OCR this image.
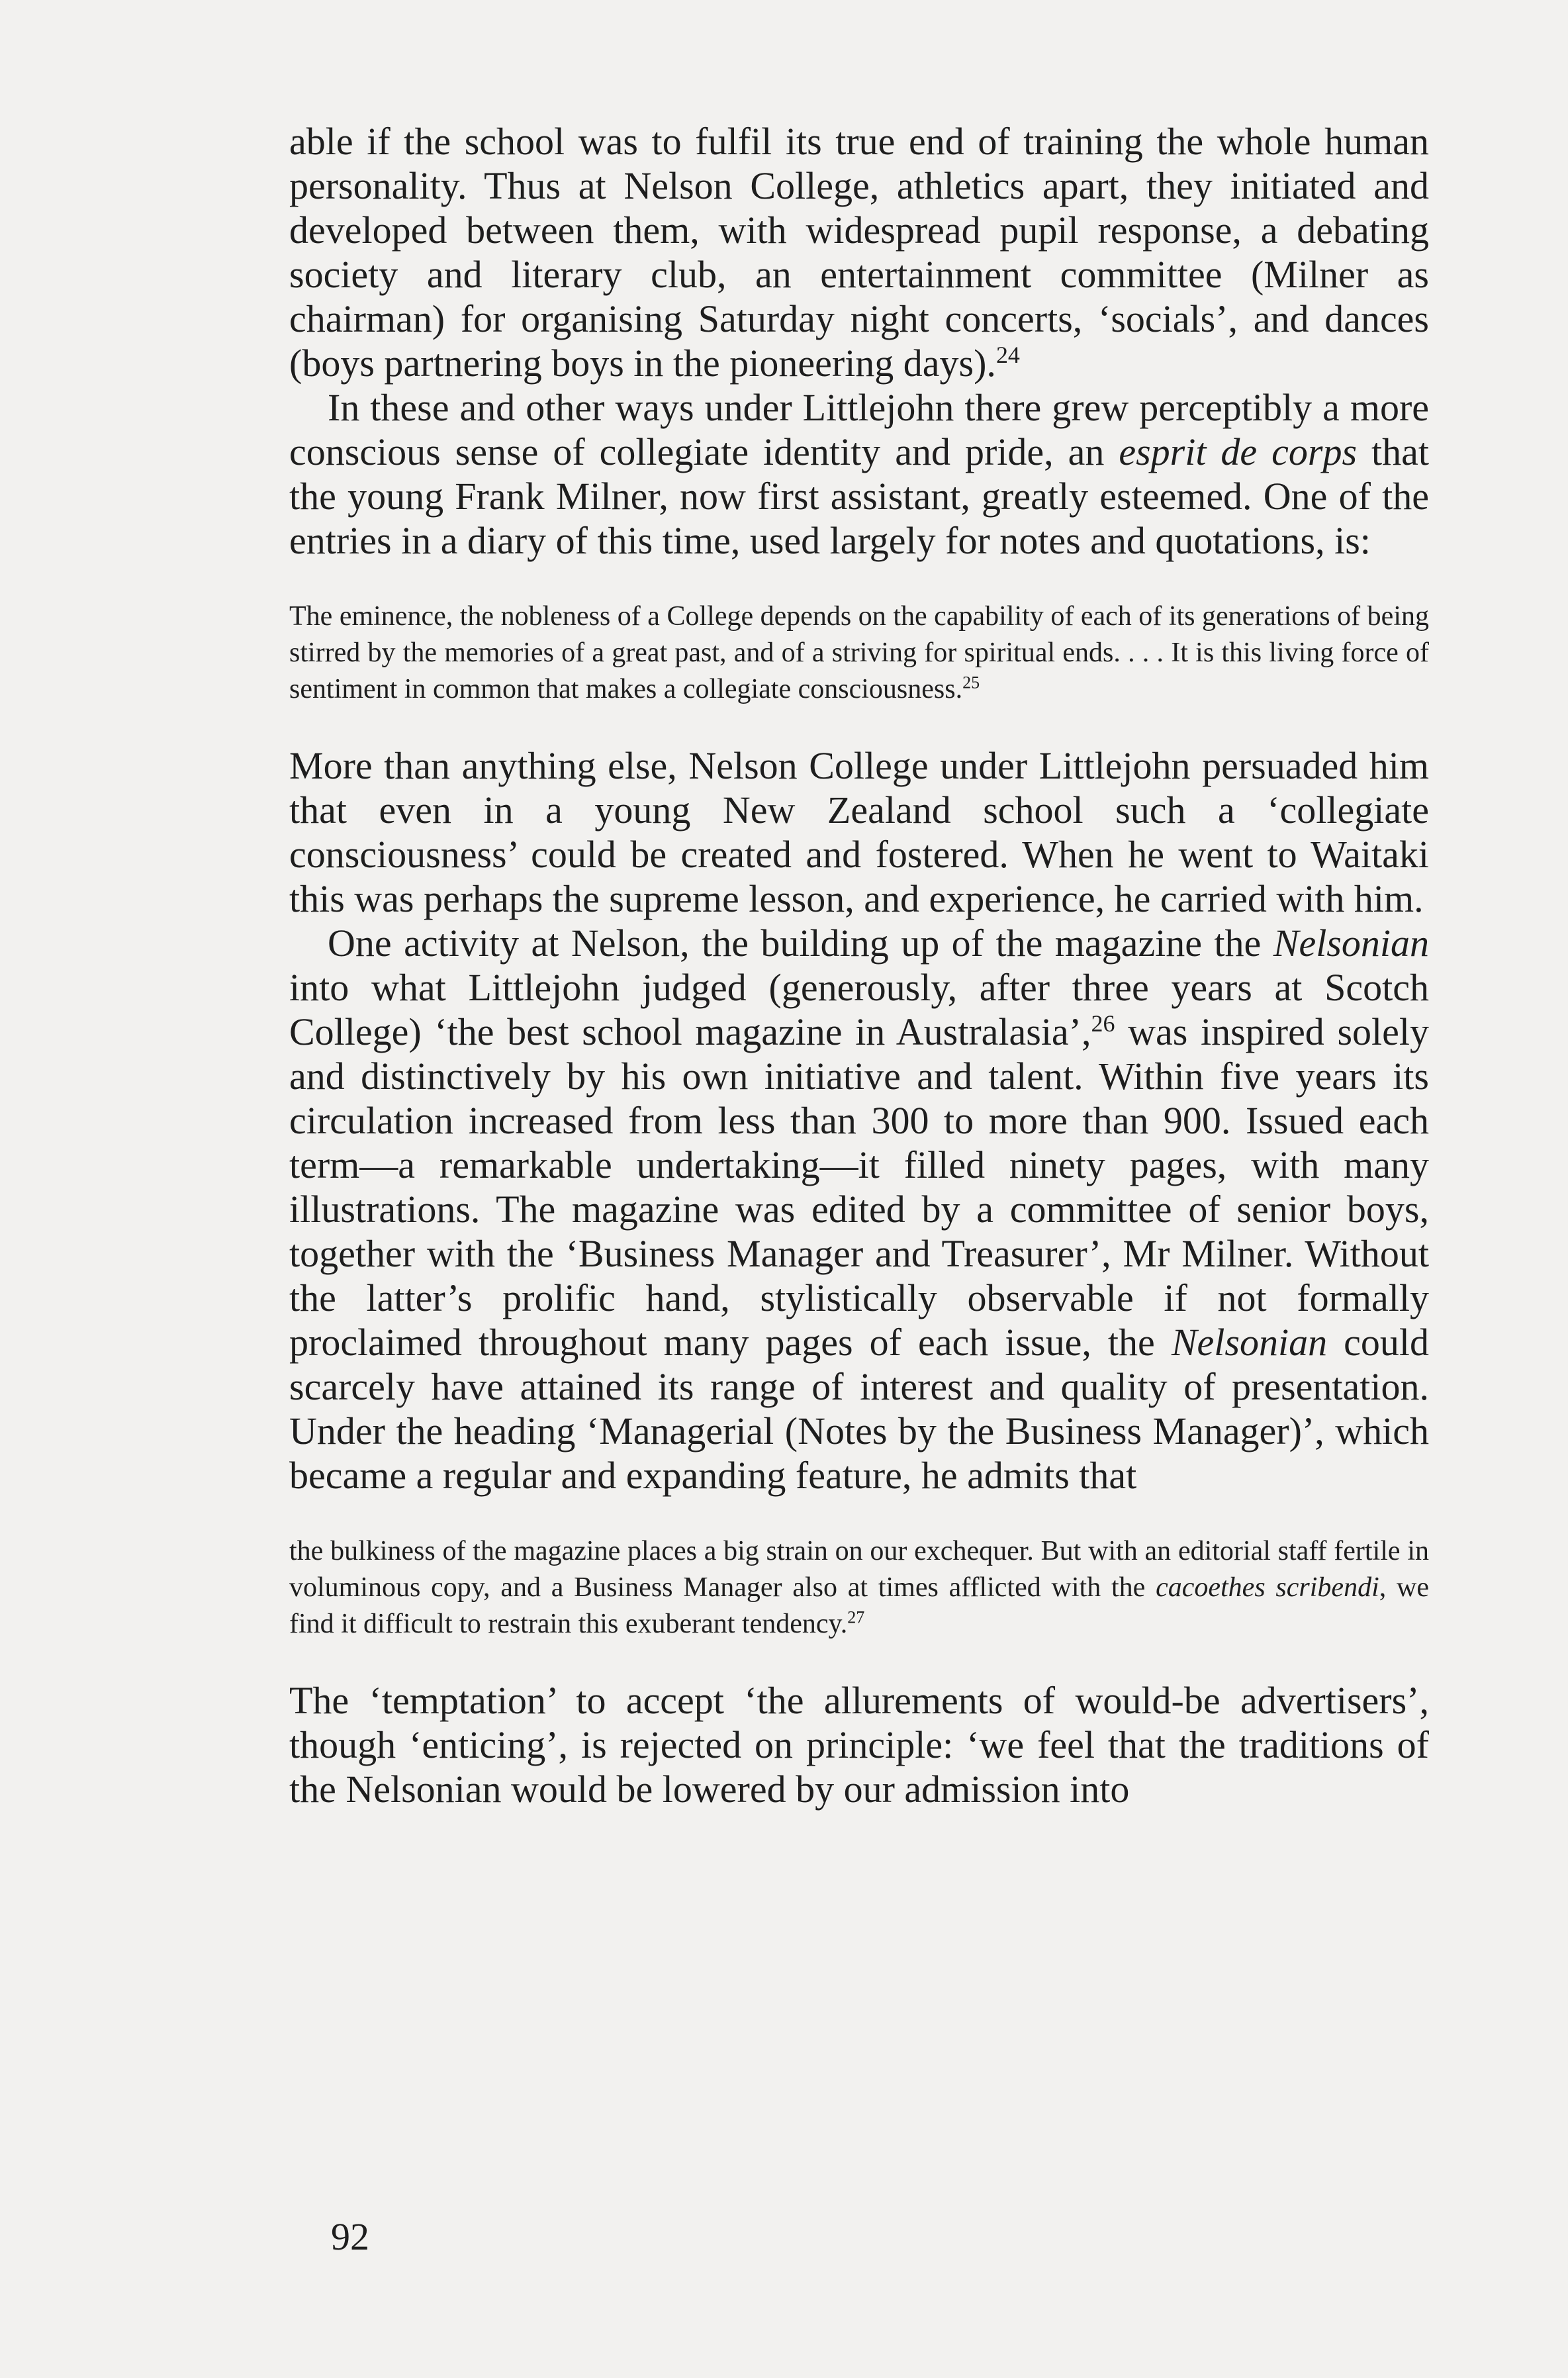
able if the school was to fulfil its true end of training the whole human personality. Thus at Nelson College, athletics apart, they initiated and developed between them, with widespread pupil response, a debating society and literary club, an entertainment committee (Milner as chairman) for organising Saturday night concerts, ‘socials’, and dances (boys partnering boys in the pioneering days).$^{24}$

In these and other ways under Littlejohn there grew perceptibly a more conscious sense of collegiate identity and pride, an esprit de corps that the young Frank Milner, now first assistant, greatly esteemed. One of the entries in a diary of this time, used largely for notes and quotations, is:

The eminence, the nobleness of a College depends on the capability of each of its generations of being stirred by the memories of a great past, and of a striving for spiritual ends. . . . It is this living force of sentiment in common that makes a collegiate consciousness.$^{25}$

More than anything else, Nelson College under Littlejohn persuaded him that even in a young New Zealand school such a ‘collegiate consciousness’ could be created and fostered. When he went to Waitaki this was perhaps the supreme lesson, and experience, he carried with him.

One activity at Nelson, the building up of the magazine the Nelsonian into what Littlejohn judged (generously, after three years at Scotch College) ‘the best school magazine in Australasia’,$^{26}$ was inspired solely and distinctively by his own initiative and talent. Within five years its circulation increased from less than 300 to more than 900. Issued each term—a remarkable undertaking—it filled ninety pages, with many illustrations. The magazine was edited by a committee of senior boys, together with the ‘Business Manager and Treasurer’, Mr Milner. Without the latter’s prolific hand, stylistically observable if not formally proclaimed throughout many pages of each issue, the Nelsonian could scarcely have attained its range of interest and quality of presentation. Under the heading ‘Managerial (Notes by the Business Manager)’, which became a regular and expanding feature, he admits that

the bulkiness of the magazine places a big strain on our exchequer. But with an editorial staff fertile in voluminous copy, and a Business Manager also at times afflicted with the cacoethes scribendi, we find it difficult to restrain this exuberant tendency.$^{27}$

The ‘temptation’ to accept ‘the allurements of would-be advertisers’, though ‘enticing’, is rejected on principle: ‘we feel that the traditions of the Nelsonian would be lowered by our admission into

92
